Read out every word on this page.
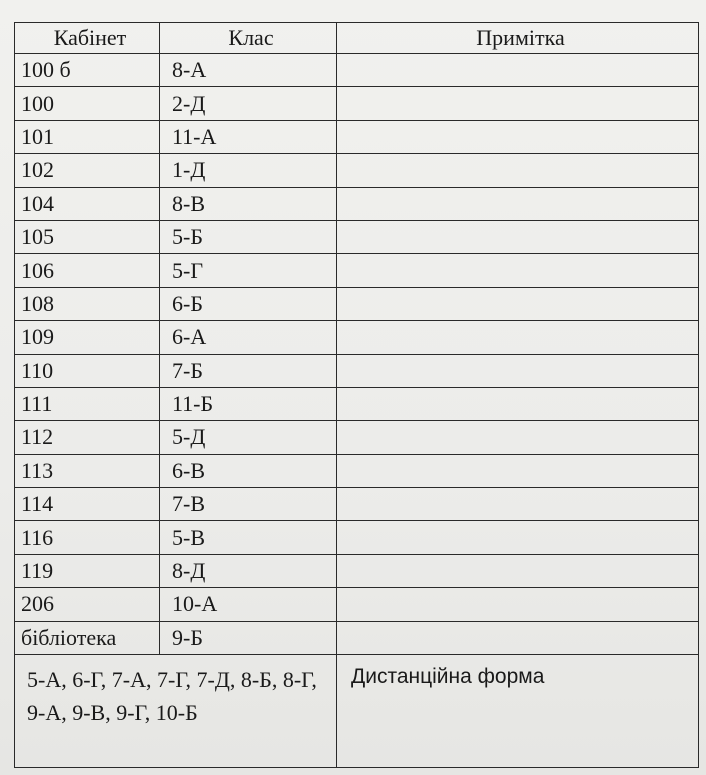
Кабінет	Клас	Примітка
100 б	8-А	
100	2-Д	
101	11-А	
102	1-Д	
104	8-В	
105	5-Б	
106	5-Г	
108	6-Б	
109	6-А	
110	7-Б	
111	11-Б	
112	5-Д	
113	6-В	
114	7-В	
116	5-В	
119	8-Д	
206	10-А	
бібліотека	9-Б	
5-А, 6-Г, 7-А, 7-Г, 7-Д, 8-Б, 8-Г, 9-А, 9-В, 9-Г, 10-Б		Дистанційна форма
